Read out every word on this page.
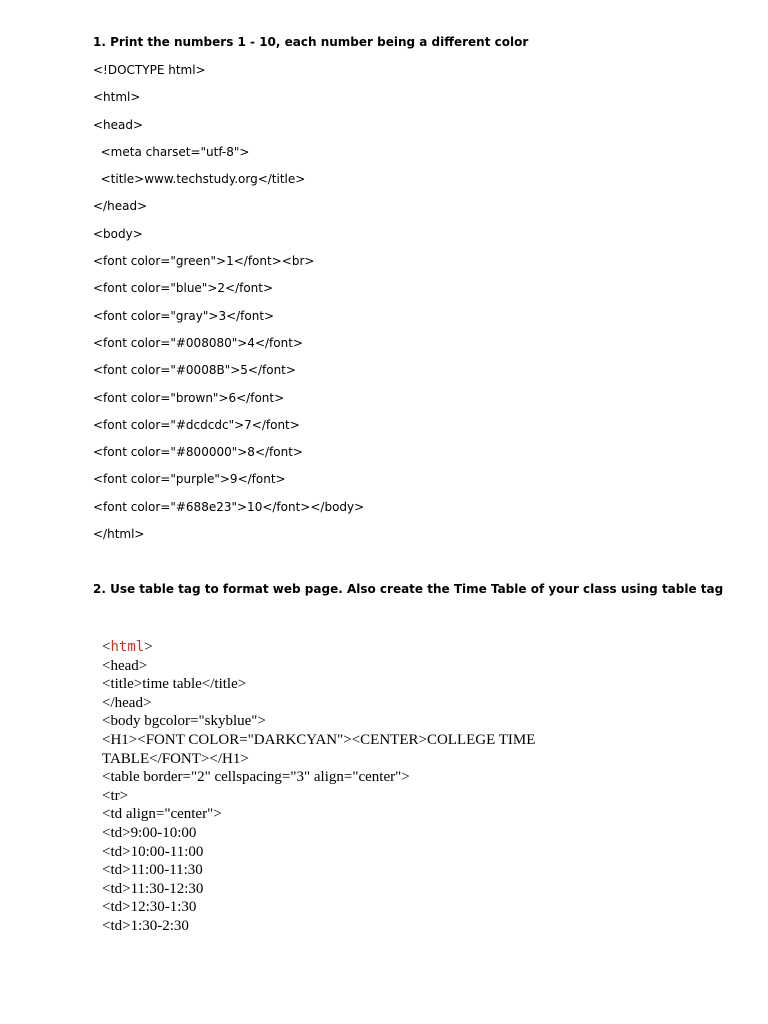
1. Print the numbers 1 - 10, each number being a different color
<!DOCTYPE html>
<html>
<head>
<meta charset="utf-8">
<title>www.techstudy.org</title>
</head>
<body>
<font color="green">1</font><br>
<font color="blue">2</font>
<font color="gray">3</font>
<font color="#008080">4</font>
<font color="#0008B">5</font>
<font color="brown">6</font>
<font color="#dcdcdc">7</font>
<font color="#800000">8</font>
<font color="purple">9</font>
<font color="#688e23">10</font></body>
</html>
2. Use table tag to format web page. Also create the Time Table of your class using table tag
<html>
<head>
<title>time table</title>
</head>
<body bgcolor="skyblue">
<H1><FONT COLOR="DARKCYAN"><CENTER>COLLEGE TIME TABLE</FONT></H1>
<table border="2" cellspacing="3" align="center">
<tr>
<td align="center">
<td>9:00-10:00
<td>10:00-11:00
<td>11:00-11:30
<td>11:30-12:30
<td>12:30-1:30
<td>1:30-2:30
